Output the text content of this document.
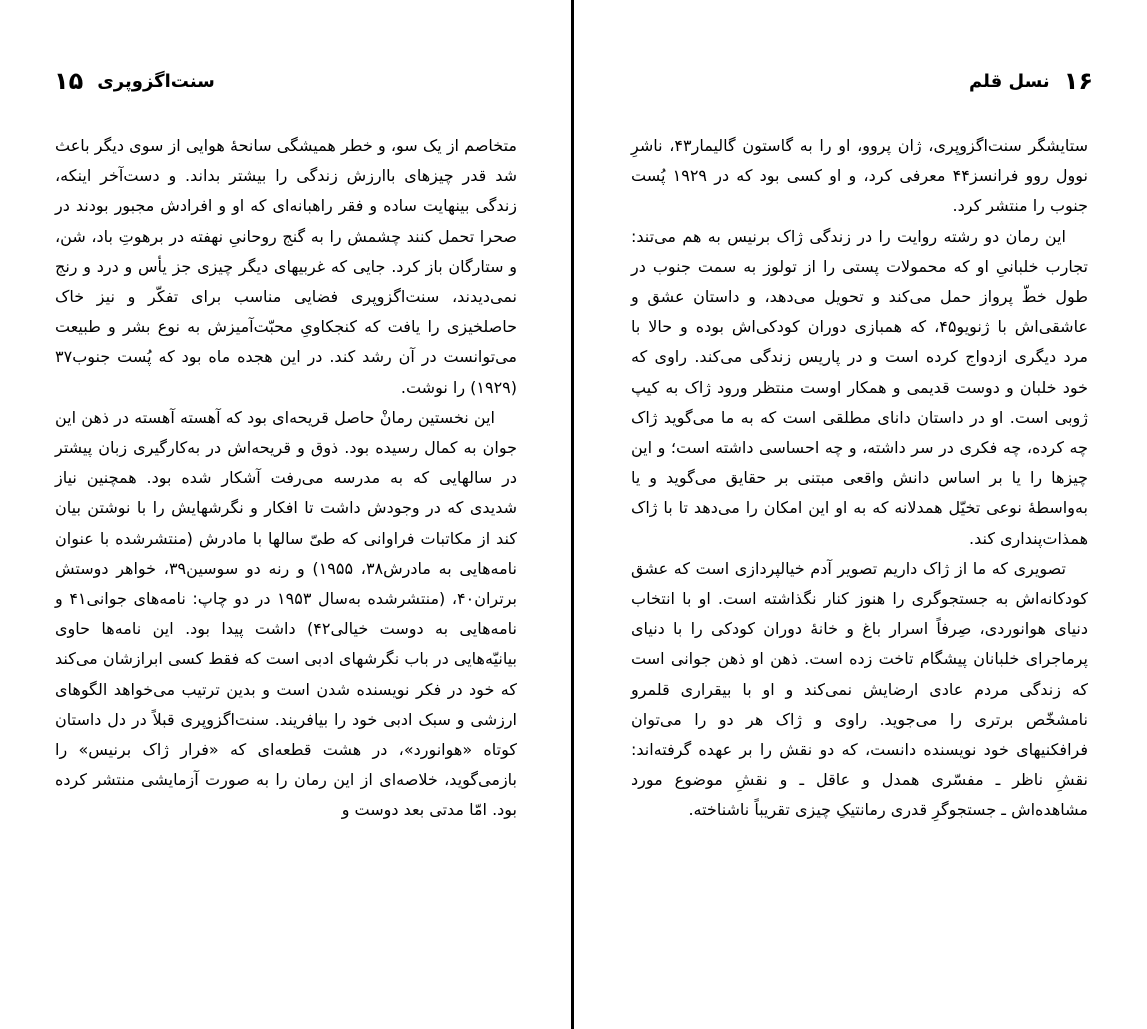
۱۵ سنت‌اگزوپری

متخاصم از یک سو، و خطر همیشگی سانحهٔ هوایی از سوی دیگر باعث شد قدر چیزهای باارزش زندگی را بیشتر بداند. و دست‌آخر اینکه، زندگی بینهایت ساده و فقر راهبانه‌ای که او و افرادش مجبور بودند در صحرا تحمل کنند چشمش را به گنج روحانیِ نهفته در برهوتِ باد، شن، و ستارگان باز کرد. جایی که غربیهای دیگر چیزی جز یأس و درد و رنج نمی‌دیدند، سنت‌اگزوپری فضایی مناسب برای تفکّر و نیز خاک حاصلخیزی را یافت که کنجکاویِ محبّت‌آمیزش به نوع بشر و طبیعت می‌توانست در آن رشد کند. در این هجده ماه بود که پُست جنوب۳۷ (۱۹۲۹) را نوشت.

این نخستین رمانْ حاصل قریحه‌ای بود که آهسته آهسته در ذهن این جوان به کمال رسیده بود. ذوق و قریحه‌اش در به‌کارگیری زبان پیشتر در سالهایی که به مدرسه می‌رفت آشکار شده بود. همچنین نیاز شدیدی که در وجودش داشت تا افکار و نگرشهایش را با نوشتن بیان کند از مکاتبات فراوانی که طیّ سالها با مادرش (منتشرشده با عنوان نامه‌هایی به مادرش۳۸، ۱۹۵۵) و رنه دو سوسین۳۹، خواهر دوستش برتران۴۰، (منتشرشده به‌سال ۱۹۵۳ در دو چاپ: نامه‌های جوانی۴۱ و نامه‌هایی به دوست خیالی۴۲) داشت پیدا بود. این نامه‌ها حاوی بیانیّه‌هایی در باب نگرشهای ادبی است که فقط کسی ابرازشان می‌کند که خود در فکر نویسنده شدن است و بدین ترتیب می‌خواهد الگوهای ارزشی و سبک ادبی خود را بیافریند. سنت‌اگزوپری قبلاً در دل داستان کوتاه «هوانورد»، در هشت قطعه‌ای که «فرار ژاک برنیس» را بازمی‌گوید، خلاصه‌ای از این رمان را به صورت آزمایشی منتشر کرده بود. امّا مدتی بعد دوست و

۱۶
نسل قلم

ستایشگر سنت‌اگزوپری، ژان پروو، او را به گاستون گالیمار۴۳، ناشرِ نوول روو فرانسز۴۴ معرفی کرد، و او کسی بود که در ۱۹۲۹ پُست جنوب را منتشر کرد.

این رمان دو رشته روایت را در زندگی ژاک برنیس به هم می‌تند: تجارب خلبانیِ او که محمولات پستی را از تولوز به سمت جنوب در طول خطّ پرواز حمل می‌کند و تحویل می‌دهد، و داستان عشق و عاشقی‌اش با ژنویو۴۵، که همبازی دوران کودکی‌اش بوده و حالا با مرد دیگری ازدواج کرده است و در پاریس زندگی می‌کند. راوی که خود خلبان و دوست قدیمی و همکار اوست منتظر ورود ژاک به کیپ ژوبی است. او در داستان دانای مطلقی است که به ما می‌گوید ژاک چه کرده، چه فکری در سر داشته، و چه احساسی داشته است؛ و این چیزها را یا بر اساس دانش واقعی مبتنی بر حقایق می‌گوید و یا به‌واسطهٔ نوعی تخیّل همدلانه که به او این امکان را می‌دهد تا با ژاک همذات‌پنداری کند.

تصویری که ما از ژاک داریم تصویر آدم خیالپردازی است که عشق کودکانه‌اش به جستجوگری را هنوز کنار نگذاشته است. او با انتخاب دنیای هوانوردی، صِرفاً اسرار باغ و خانهٔ دوران کودکی را با دنیای پرماجرای خلبانان پیشگام تاخت زده است. ذهن او ذهن جوانی است که زندگی مردم عادی ارضایش نمی‌کند و او با بیقراری قلمرو نامشخّص برتری را می‌جوید. راوی و ژاک هر دو را می‌توان فرافکنیهای خود نویسنده دانست، که دو نقش را بر عهده گرفته‌اند: نقشِ ناظر ـ مفسّری همدل و عاقل ـ و نقشِ موضوع مورد مشاهده‌اش ـ جستجوگرِ قدری رمانتیکِ چیزی تقریباً ناشناخته.
